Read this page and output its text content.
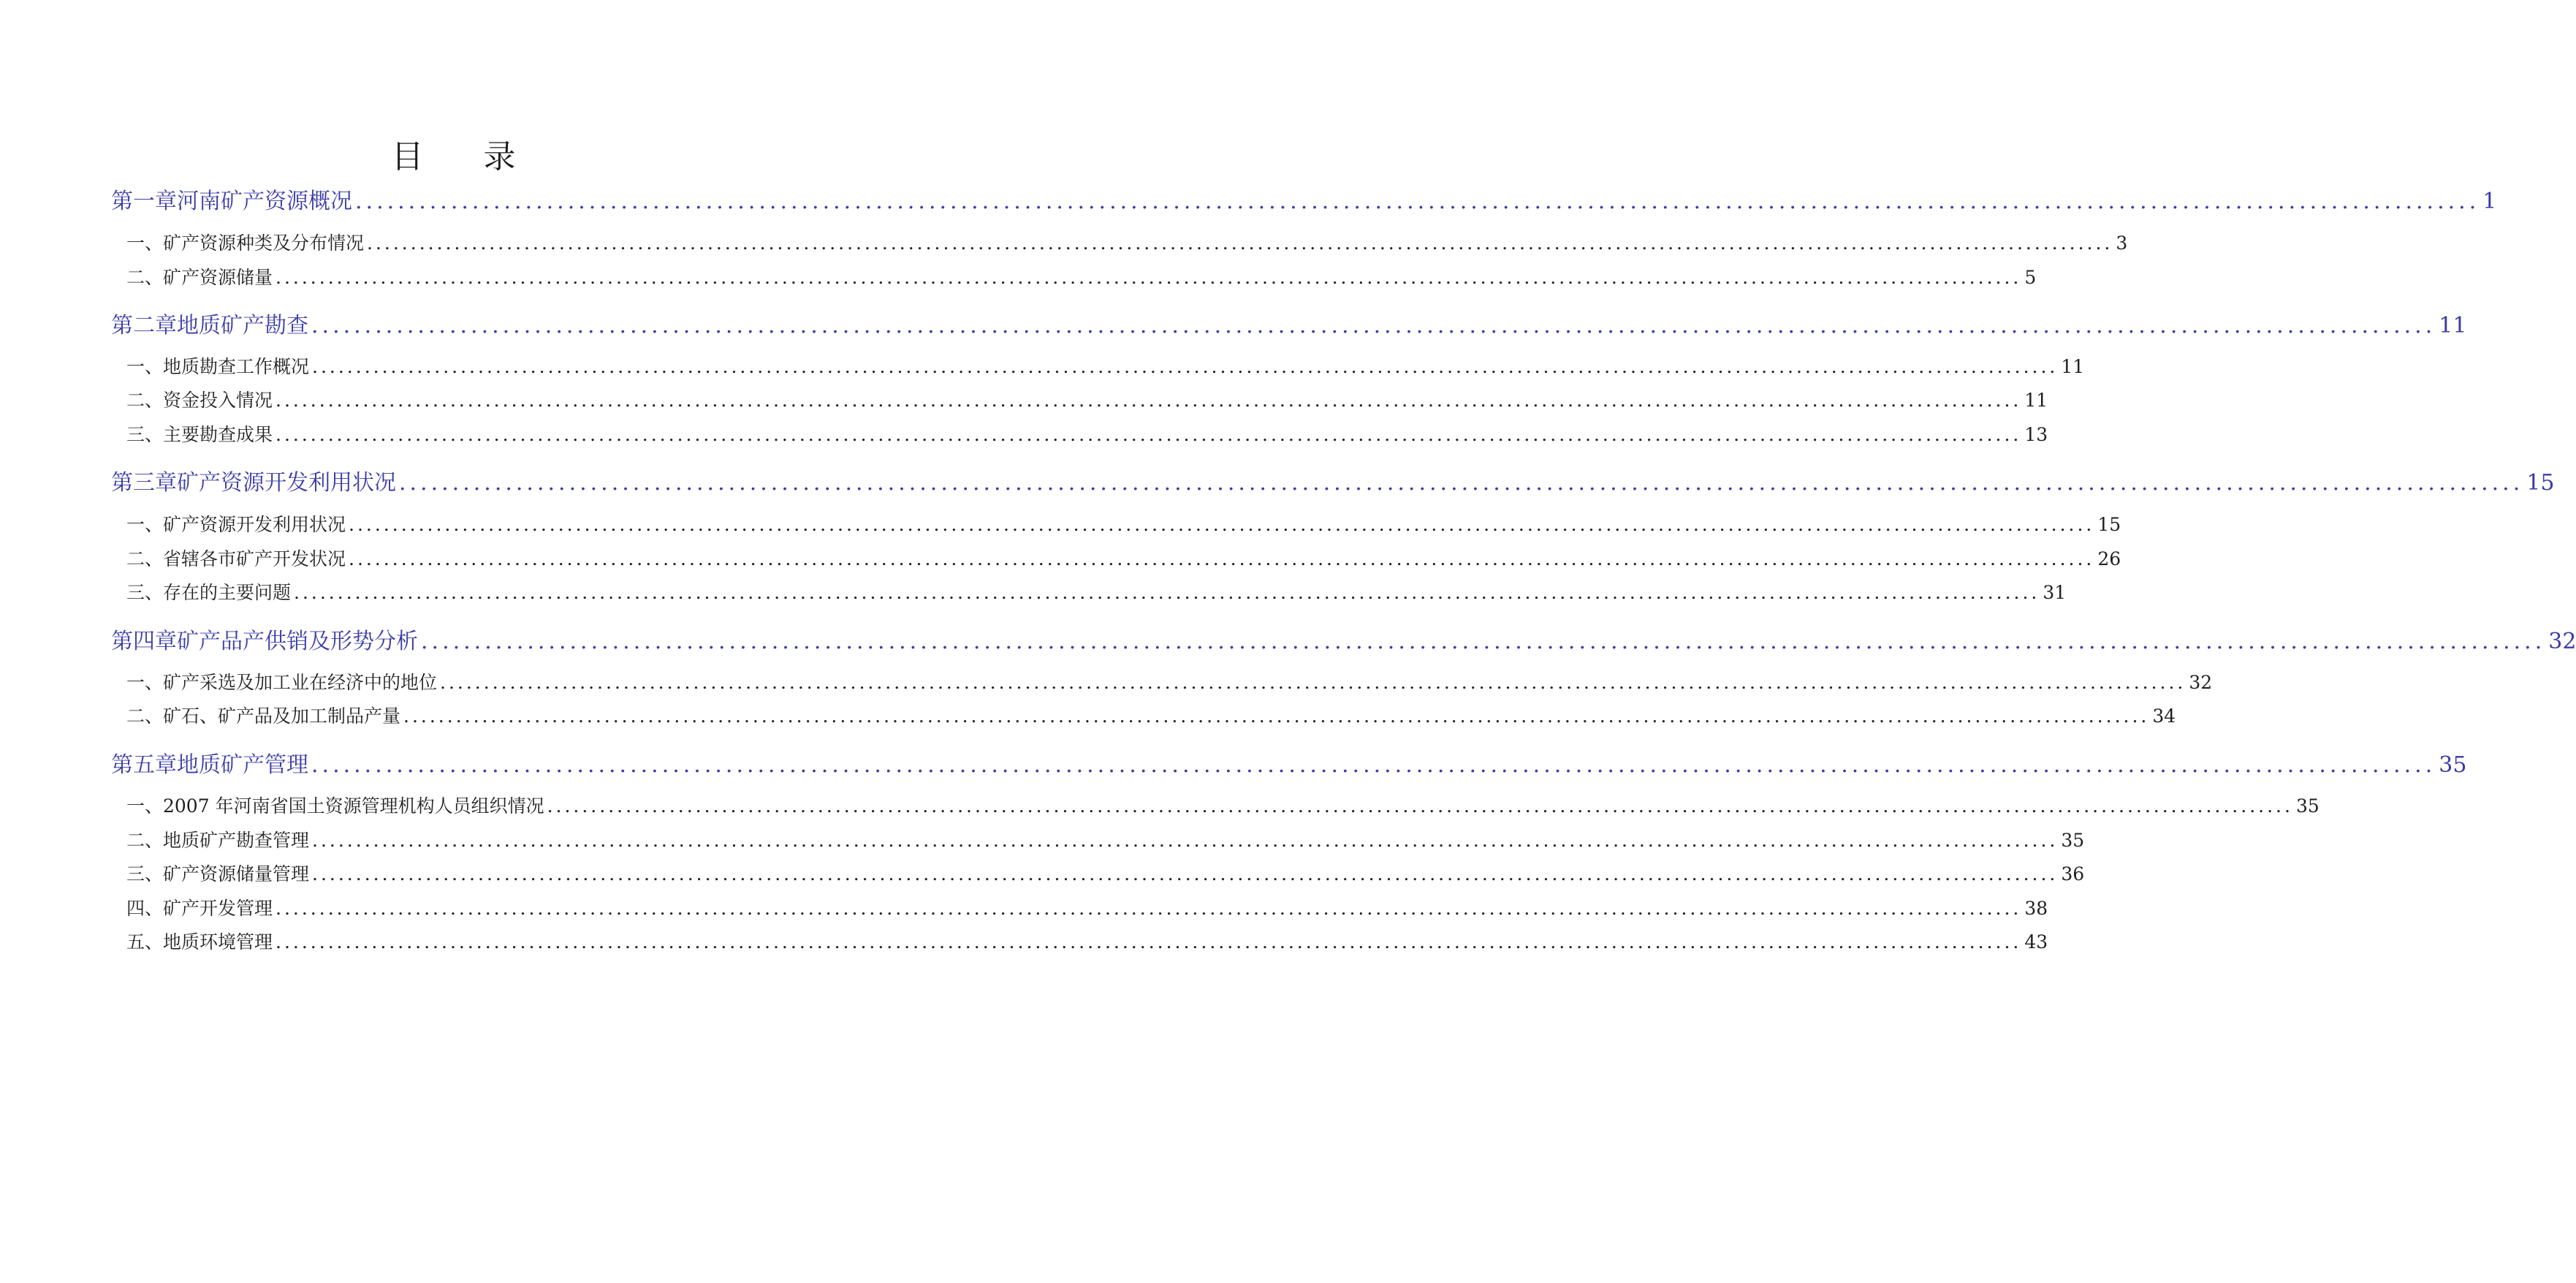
目 录
第一章 河南矿产资源概况 ........................................................................................................................................................................................................ 1
一、矿产资源种类及分布情况 ........................................................................................................................................................................................................ 3
二、矿产资源储量 ........................................................................................................................................................................................................ 5
第二章 地质矿产勘查 ........................................................................................................................................................................................................ 11
一、地质勘查工作概况 ........................................................................................................................................................................................................ 11
二、资金投入情况 ........................................................................................................................................................................................................ 11
三、主要勘查成果 ........................................................................................................................................................................................................ 13
第三章 矿产资源开发利用状况 ........................................................................................................................................................................................................ 15
一、矿产资源开发利用状况 ........................................................................................................................................................................................................ 15
二、省辖各市矿产开发状况 ........................................................................................................................................................................................................ 26
三、存在的主要问题 ........................................................................................................................................................................................................ 31
第四章 矿产品产供销及形势分析 ........................................................................................................................................................................................................ 32
一、矿产采选及加工业在经济中的地位 ........................................................................................................................................................................................................ 32
二、矿石、矿产品及加工制品产量 ........................................................................................................................................................................................................ 34
第五章 地质矿产管理 ........................................................................................................................................................................................................ 35
一、2007 年河南省国土资源管理机构人员组织情况 ........................................................................................................................................................................................................ 35
二、地质矿产勘查管理 ........................................................................................................................................................................................................ 35
三、矿产资源储量管理 ........................................................................................................................................................................................................ 36
四、矿产开发管理 ........................................................................................................................................................................................................ 38
五、地质环境管理 ........................................................................................................................................................................................................ 43
